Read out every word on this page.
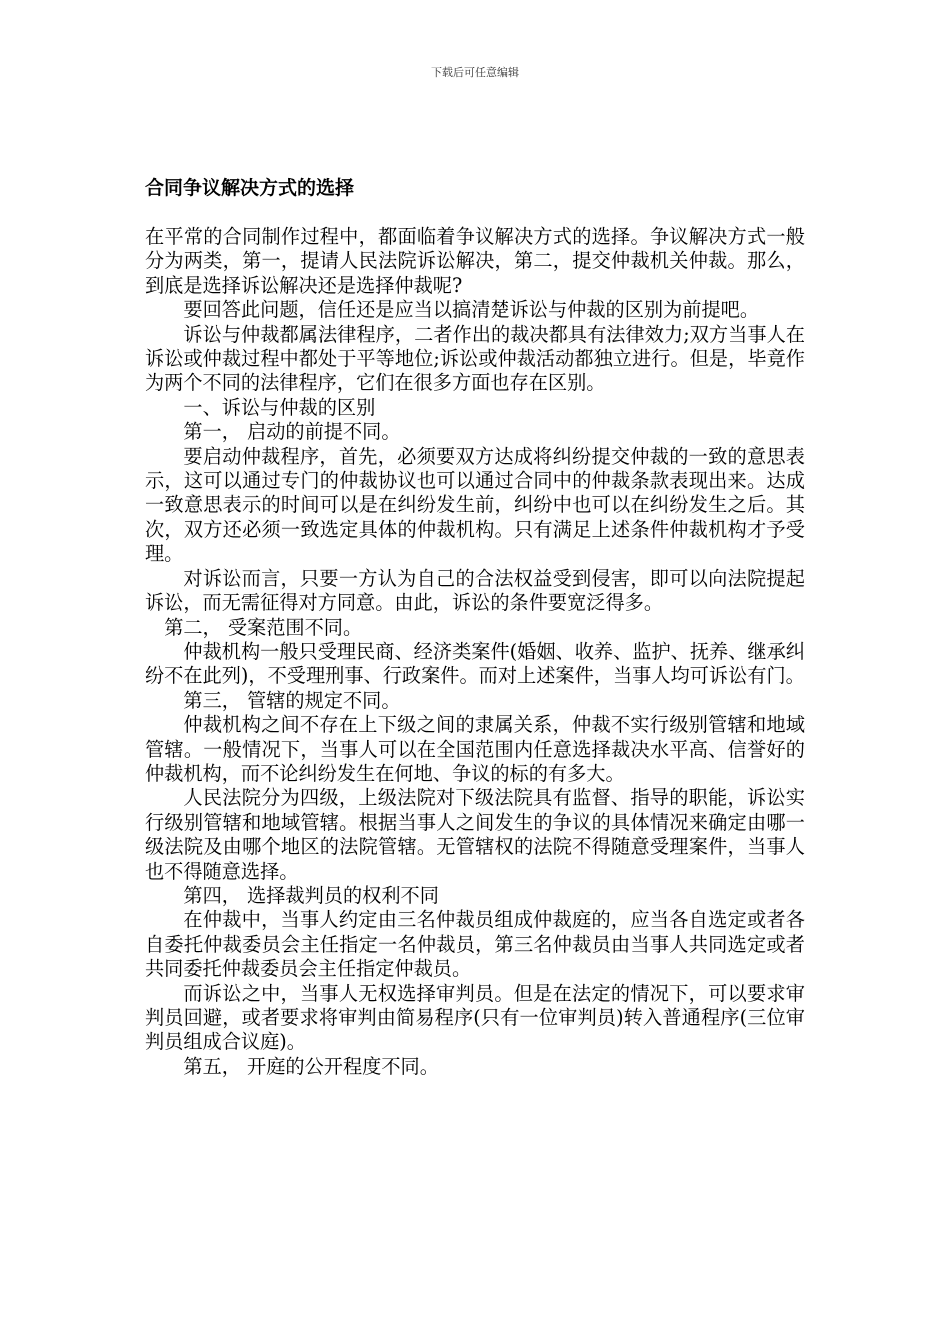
下载后可任意编辑
合同争议解决方式的选择

在平常的合同制作过程中，都面临着争议解决方式的选择。争议解决方式一般分为两类，第一，提请人民法院诉讼解决，第二，提交仲裁机关仲裁。那么，到底是选择诉讼解决还是选择仲裁呢?

要回答此问题，信任还是应当以搞清楚诉讼与仲裁的区别为前提吧。

诉讼与仲裁都属法律程序，二者作出的裁决都具有法律效力;双方当事人在诉讼或仲裁过程中都处于平等地位;诉讼或仲裁活动都独立进行。但是，毕竟作为两个不同的法律程序，它们在很多方面也存在区别。

一、诉讼与仲裁的区别

第一， 启动的前提不同。

要启动仲裁程序，首先，必须要双方达成将纠纷提交仲裁的一致的意思表示，这可以通过专门的仲裁协议也可以通过合同中的仲裁条款表现出来。达成一致意思表示的时间可以是在纠纷发生前，纠纷中也可以在纠纷发生之后。其次，双方还必须一致选定具体的仲裁机构。只有满足上述条件仲裁机构才予受理。

对诉讼而言，只要一方认为自己的合法权益受到侵害，即可以向法院提起诉讼，而无需征得对方同意。由此，诉讼的条件要宽泛得多。

第二， 受案范围不同。

仲裁机构一般只受理民商、经济类案件(婚姻、收养、监护、抚养、继承纠纷不在此列)，不受理刑事、行政案件。而对上述案件，当事人均可诉讼有门。

第三， 管辖的规定不同。

仲裁机构之间不存在上下级之间的隶属关系，仲裁不实行级别管辖和地域管辖。一般情况下，当事人可以在全国范围内任意选择裁决水平高、信誉好的仲裁机构，而不论纠纷发生在何地、争议的标的有多大。

人民法院分为四级，上级法院对下级法院具有监督、指导的职能，诉讼实行级别管辖和地域管辖。根据当事人之间发生的争议的具体情况来确定由哪一级法院及由哪个地区的法院管辖。无管辖权的法院不得随意受理案件，当事人也不得随意选择。

第四， 选择裁判员的权利不同

在仲裁中，当事人约定由三名仲裁员组成仲裁庭的，应当各自选定或者各自委托仲裁委员会主任指定一名仲裁员，第三名仲裁员由当事人共同选定或者共同委托仲裁委员会主任指定仲裁员。

而诉讼之中，当事人无权选择审判员。但是在法定的情况下，可以要求审判员回避，或者要求将审判由简易程序(只有一位审判员)转入普通程序(三位审判员组成合议庭)。

第五， 开庭的公开程度不同。
